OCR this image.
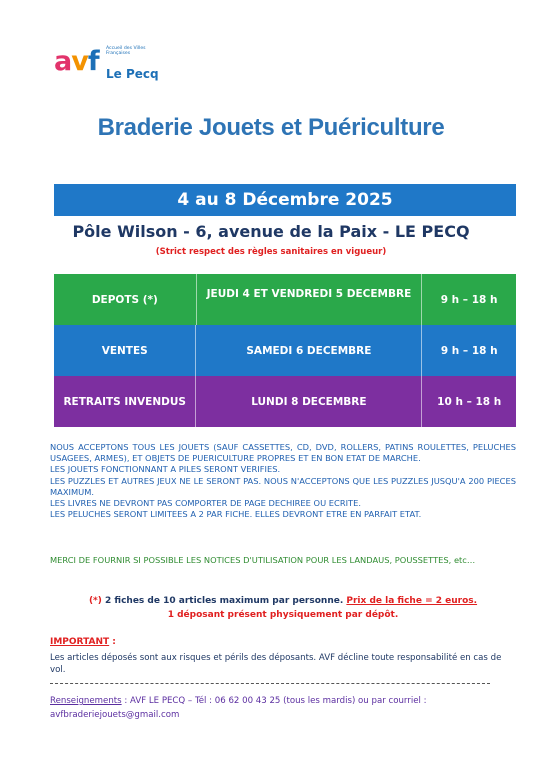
avf Accueil des Villes Françaises
Le Pecq
Braderie Jouets et Puériculture
4 au 8 Décembre 2025
Pôle Wilson - 6, avenue de la Paix - LE PECQ
(Strict respect des règles sanitaires en vigueur)
DEPOTS (*)	JEUDI 4 ET VENDREDI 5 DECEMBRE	9 h – 18 h
VENTES	SAMEDI 6 DECEMBRE	9 h – 18 h
RETRAITS INVENDUS	LUNDI 8 DECEMBRE	10 h – 18 h

NOUS ACCEPTONS TOUS LES JOUETS (SAUF CASSETTES, CD, DVD, ROLLERS, PATINS ROULETTES, PELUCHES USAGEES, ARMES), ET OBJETS DE PUERICULTURE PROPRES ET EN BON ETAT DE MARCHE.

LES JOUETS FONCTIONNANT A PILES SERONT VERIFIES.

LES PUZZLES ET AUTRES JEUX NE LE SERONT PAS. NOUS N'ACCEPTONS QUE LES PUZZLES JUSQU'A 200 PIECES MAXIMUM.

LES LIVRES NE DEVRONT PAS COMPORTER DE PAGE DECHIREE OU ECRITE.

LES PELUCHES SERONT LIMITEES A 2 PAR FICHE. ELLES DEVRONT ETRE EN PARFAIT ETAT.

MERCI DE FOURNIR SI POSSIBLE LES NOTICES D'UTILISATION POUR LES LANDAUS, POUSSETTES, etc…
(*) 2 fiches de 10 articles maximum par personne. Prix de la fiche = 2 euros.
1 déposant présent physiquement par dépôt.
IMPORTANT :
Les articles déposés sont aux risques et périls des déposants. AVF décline toute responsabilité en cas de vol.
Renseignements : AVF LE PECQ – Tél : 06 62 00 43 25 (tous les mardis) ou par courriel : avfbraderiejouets@gmail.com
